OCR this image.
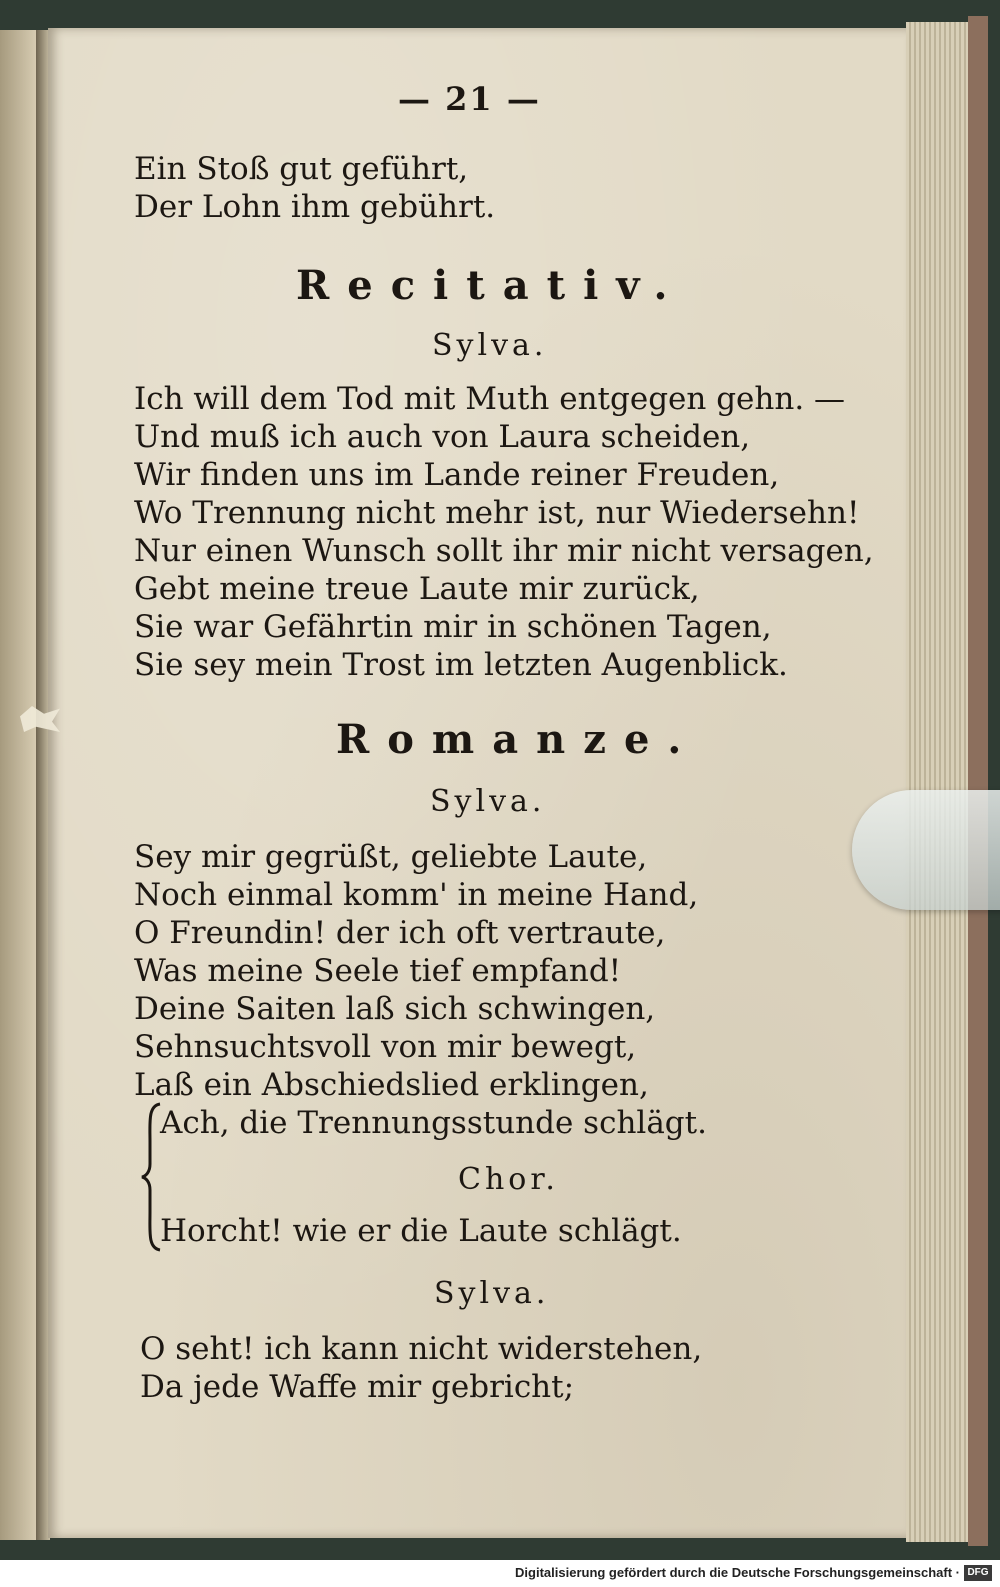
— 21 —
Ein Stoß gut geführt,
Der Lohn ihm gebührt.
Recitativ.
Sylva.
Ich will dem Tod mit Muth entgegen gehn. —
Und muß ich auch von Laura scheiden,
Wir finden uns im Lande reiner Freuden,
Wo Trennung nicht mehr ist, nur Wiedersehn!
Nur einen Wunsch sollt ihr mir nicht versagen,
Gebt meine treue Laute mir zurück,
Sie war Gefährtin mir in schönen Tagen,
Sie sey mein Trost im letzten Augenblick.
Romanze.
Sylva.
Sey mir gegrüßt, geliebte Laute,
Noch einmal komm' in meine Hand,
O Freundin! der ich oft vertraute,
Was meine Seele tief empfand!
Deine Saiten laß sich schwingen,
Sehnsuchtsvoll von mir bewegt,
Laß ein Abschiedslied erklingen,
Ach, die Trennungsstunde schlägt.
Chor.
Horcht! wie er die Laute schlägt.
Sylva.
O seht! ich kann nicht widerstehen,
Da jede Waffe mir gebricht;
Digitalisierung gefördert durch die Deutsche Forschungsgemeinschaft · DFG
